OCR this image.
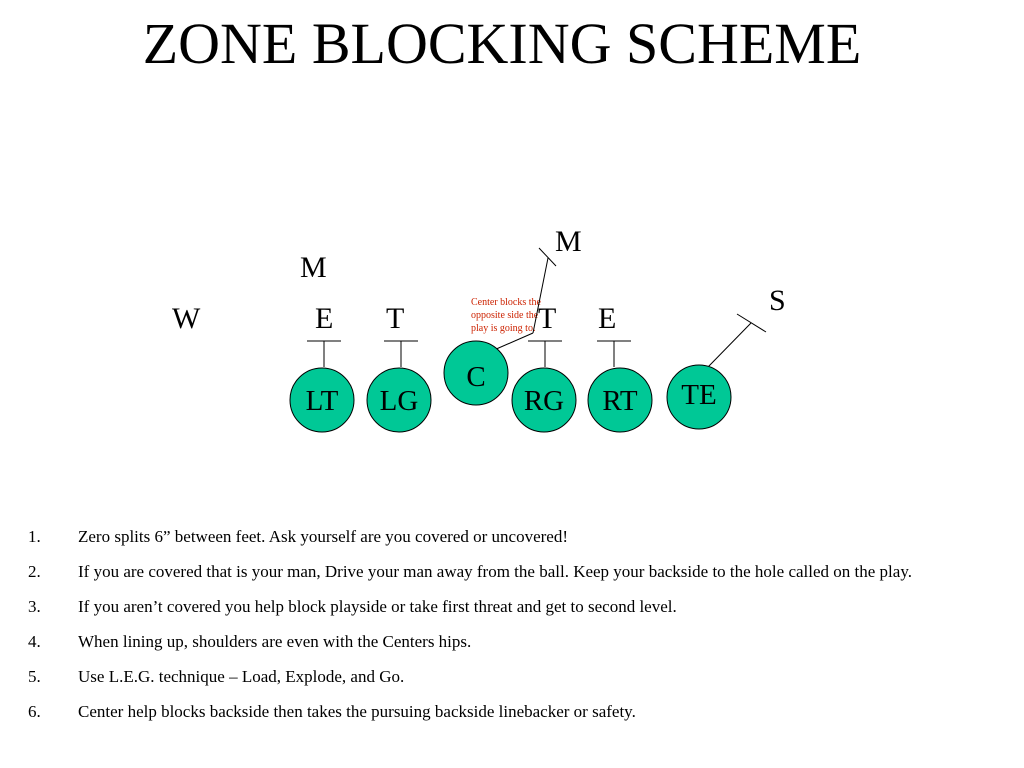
ZONE BLOCKING SCHEME
W
M
E T
M
T E
S
Center blocks the
opposite side the
play is going to.
LT LG
C
RG RT TE
1. Zero splits 6” between feet. Ask yourself are you covered or uncovered!
2. If you are covered that is your man, Drive your man away from the ball. Keep your backside to the hole called on the play.
3. If you aren’t covered you help block playside or take first threat and get to second level.
4. When lining up, shoulders are even with the Centers hips.
5. Use L.E.G. technique – Load, Explode, and Go.
6. Center help blocks backside then takes the pursuing backside linebacker or safety.
